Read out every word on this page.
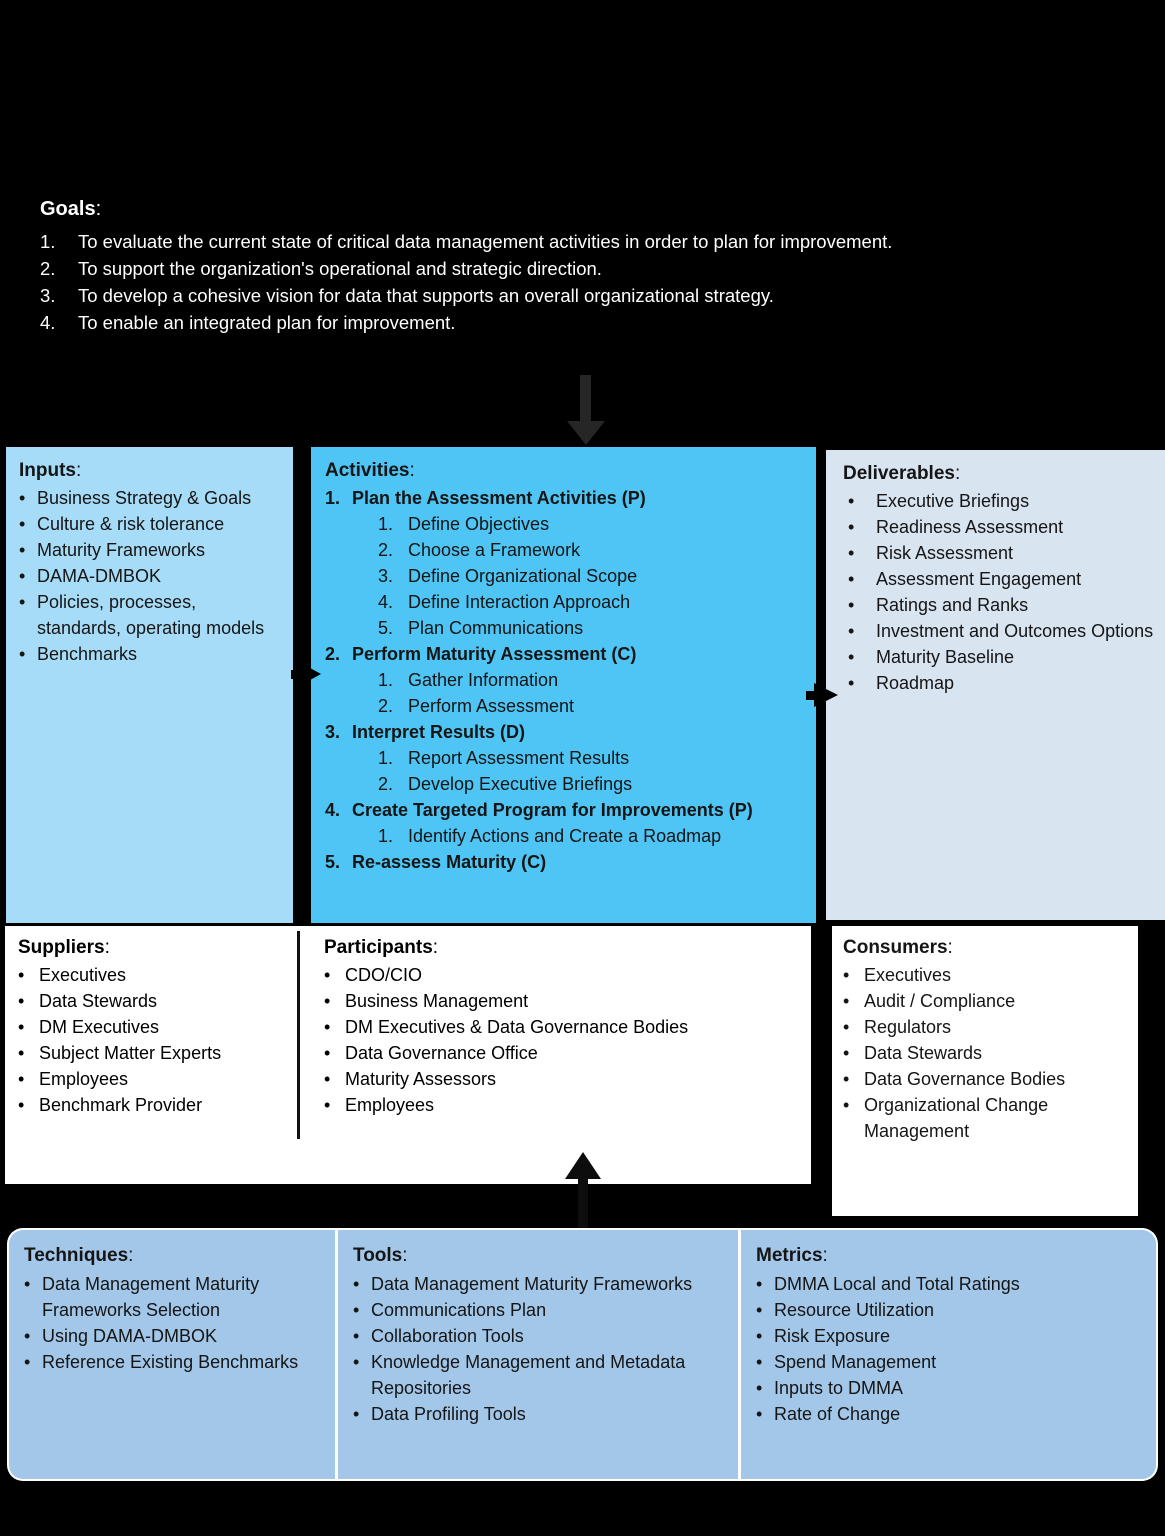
Goals:
1.	To evaluate the current state of critical data management activities in order to plan for improvement.
2.	To support the organization's operational and strategic direction.
3.	To develop a cohesive vision for data that supports an overall organizational strategy.
4.	To enable an integrated plan for improvement.
Inputs:
• Business Strategy & Goals
• Culture & risk tolerance
• Maturity Frameworks
• DAMA-DMBOK
• Policies, processes, standards, operating models
• Benchmarks
Activities:
1. Plan the Assessment Activities (P)
1. Define Objectives
2. Choose a Framework
3. Define Organizational Scope
4. Define Interaction Approach
5. Plan Communications
2. Perform Maturity Assessment (C)
1. Gather Information
2. Perform Assessment
3. Interpret Results (D)
1. Report Assessment Results
2. Develop Executive Briefings
4. Create Targeted Program for Improvements (P)
1. Identify Actions and Create a Roadmap
5. Re-assess Maturity (C)
Deliverables:
•	Executive Briefings
•	Readiness Assessment
•	Risk Assessment
•	Assessment Engagement
•	Ratings and Ranks
•	Investment and Outcomes Options
•	Maturity Baseline
•	Roadmap
Suppliers:
• Executives
• Data Stewards
• DM Executives
• Subject Matter Experts
• Employees
• Benchmark Provider
Participants:
• CDO/CIO
• Business Management
• DM Executives & Data Governance Bodies
• Data Governance Office
• Maturity Assessors
• Employees
Consumers:
• Executives
• Audit / Compliance
• Regulators
• Data Stewards
• Data Governance Bodies
• Organizational Change Management
Techniques:
• Data Management Maturity Frameworks Selection
• Using DAMA-DMBOK
• Reference Existing Benchmarks
Tools:
• Data Management Maturity Frameworks
• Communications Plan
• Collaboration Tools
• Knowledge Management and Metadata Repositories
• Data Profiling Tools
Metrics:
• DMMA Local and Total Ratings
• Resource Utilization
• Risk Exposure
• Spend Management
• Inputs to DMMA
• Rate of Change
